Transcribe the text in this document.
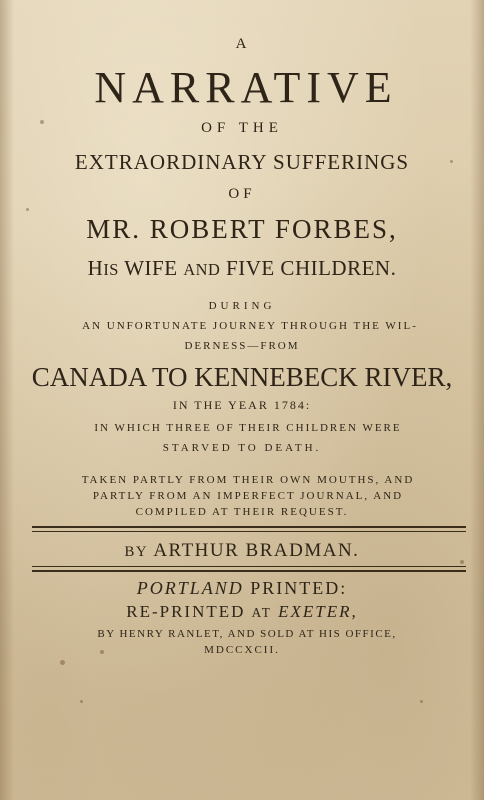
A
NARRATIVE
OF THE
EXTRAORDINARY SUFFERINGS
OF
MR. ROBERT FORBES,
HIS WIFE AND FIVE CHILDREN.
DURING
AN UNFORTUNATE JOURNEY THROUGH THE WIL-
DERNESS—FROM
CANADA TO KENNEBECK RIVER,
IN THE YEAR 1784:
IN WHICH THREE OF THEIR CHILDREN WERE
STARVED TO DEATH.
TAKEN PARTLY FROM THEIR OWN MOUTHS, AND
PARTLY FROM AN IMPERFECT JOURNAL, AND
COMPILED AT THEIR REQUEST.
BY ARTHUR BRADMAN.
PORTLAND PRINTED:
RE-PRINTED AT EXETER,
BY HENRY RANLET, AND SOLD AT HIS OFFICE,
MDCCXCII.
